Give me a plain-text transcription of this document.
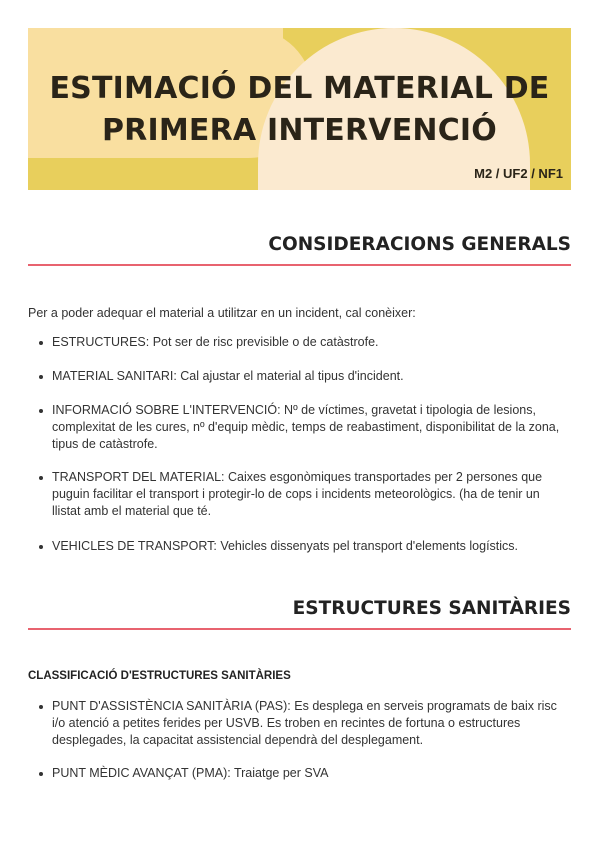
ESTIMACIÓ DEL MATERIAL DE
PRIMERA INTERVENCIÓ
M2 / UF2 / NF1
CONSIDERACIONS GENERALS
Per a poder adequar el material a utilitzar en un incident, cal conèixer:
ESTRUCTURES: Pot ser de risc previsible o de catàstrofe.
MATERIAL SANITARI: Cal ajustar el material al tipus d'incident.
INFORMACIÓ SOBRE L'INTERVENCIÓ: Nº de víctimes, gravetat i tipologia de lesions, complexitat de les cures, nº d'equip mèdic, temps de reabastiment, disponibilitat de la zona, tipus de catàstrofe.
TRANSPORT DEL MATERIAL: Caixes esgonòmiques transportades per 2 persones que puguin facilitar el transport i protegir-lo de cops i incidents meteorològics. (ha de tenir un llistat amb el material que té.
VEHICLES DE TRANSPORT: Vehicles dissenyats pel transport d'elements logístics.
ESTRUCTURES SANITÀRIES
CLASSIFICACIÓ D'ESTRUCTURES SANITÀRIES
PUNT D'ASSISTÈNCIA SANITÀRIA (PAS): Es desplega en serveis programats de baix risc i/o atenció a petites ferides per USVB. Es troben en recintes de fortuna o estructures desplegades, la capacitat assistencial dependrà del desplegament.
PUNT MÈDIC AVANÇAT (PMA): Traiatge per SVA
